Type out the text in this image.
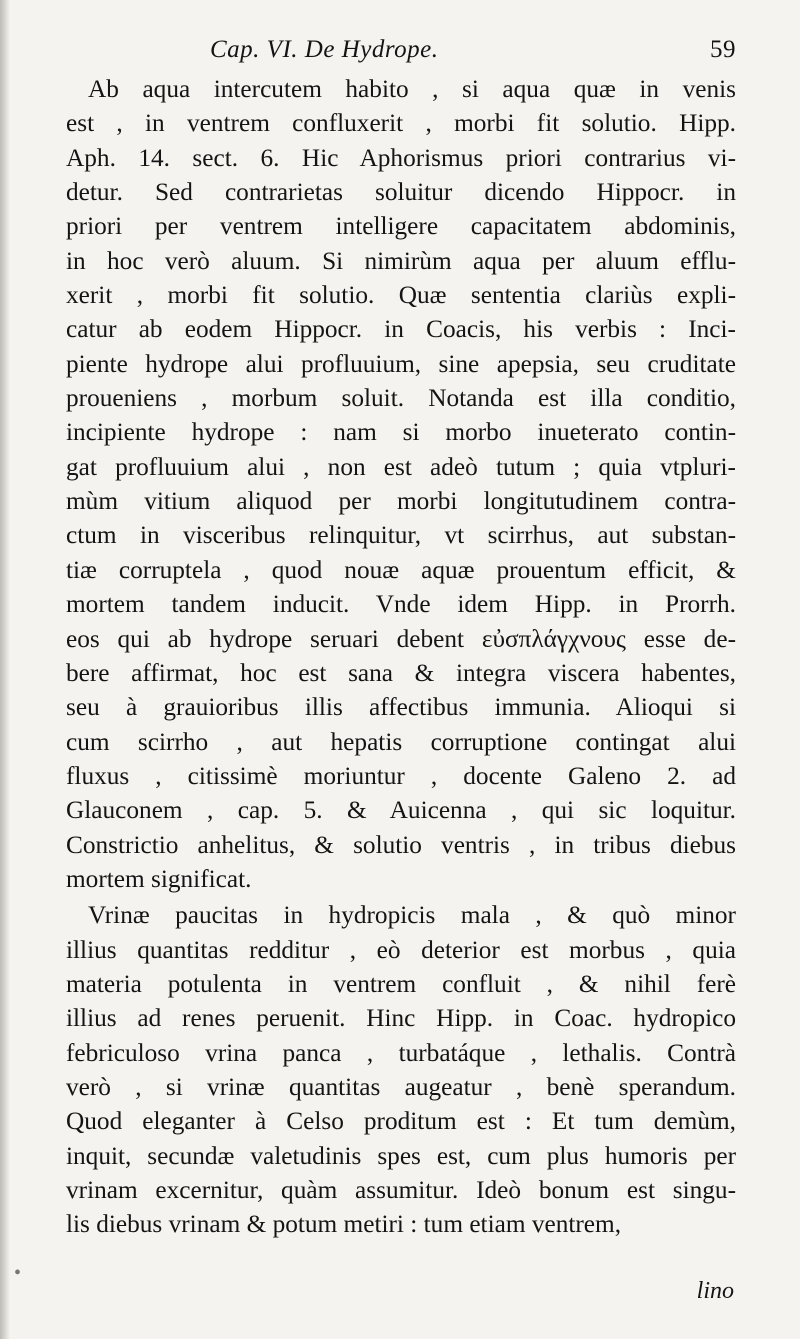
•
Cap. VI. De Hydrope.	59

Ab aqua intercutem habito , si aqua quæ in venis
est , in ventrem confluxerit , morbi fit solutio. Hipp.
Aph. 14. sect. 6. Hic Aphorismus priori contrarius vi-
detur. Sed contrarietas soluitur dicendo Hippocr. in
priori per ventrem intelligere capacitatem abdominis,
in hoc verò aluum. Si nimirùm aqua per aluum efflu-
xerit , morbi fit solutio. Quæ sententia clariùs expli-
catur ab eodem Hippocr. in Coacis, his verbis : Inci-
piente hydrope alui profluuium, sine apepsia, seu cruditate
proueniens , morbum soluit. Notanda est illa conditio,
incipiente hydrope : nam si morbo inueterato contin-
gat profluuium alui , non est adeò tutum ; quia vtpluri-
mùm vitium aliquod per morbi longitutudinem contra-
ctum in visceribus relinquitur, vt scirrhus, aut substan-
tiæ corruptela , quod nouæ aquæ prouentum efficit, &
mortem tandem inducit. Vnde idem Hipp. in Prorrh.
eos qui ab hydrope seruari debent εὐσπλάγχνους esse de-
bere affirmat, hoc est sana & integra viscera habentes,
seu à grauioribus illis affectibus immunia. Alioqui si
cum scirrho , aut hepatis corruptione contingat alui
fluxus , citissimè moriuntur , docente Galeno 2. ad
Glauconem , cap. 5. & Auicenna , qui sic loquitur.
Constrictio anhelitus, & solutio ventris , in tribus diebus
mortem significat.

Vrinæ paucitas in hydropicis mala , & quò minor
illius quantitas redditur , eò deterior est morbus , quia
materia potulenta in ventrem confluit , & nihil ferè
illius ad renes peruenit. Hinc Hipp. in Coac. hydropico
febriculoso vrina panca , turbatáque , lethalis. Contrà
verò , si vrinæ quantitas augeatur , benè sperandum.
Quod eleganter à Celso proditum est : Et tum demùm,
inquit, secundæ valetudinis spes est, cum plus humoris per
vrinam excernitur, quàm assumitur. Ideò bonum est singu-
lis diebus vrinam & potum metiri : tum etiam ventrem,

lino
